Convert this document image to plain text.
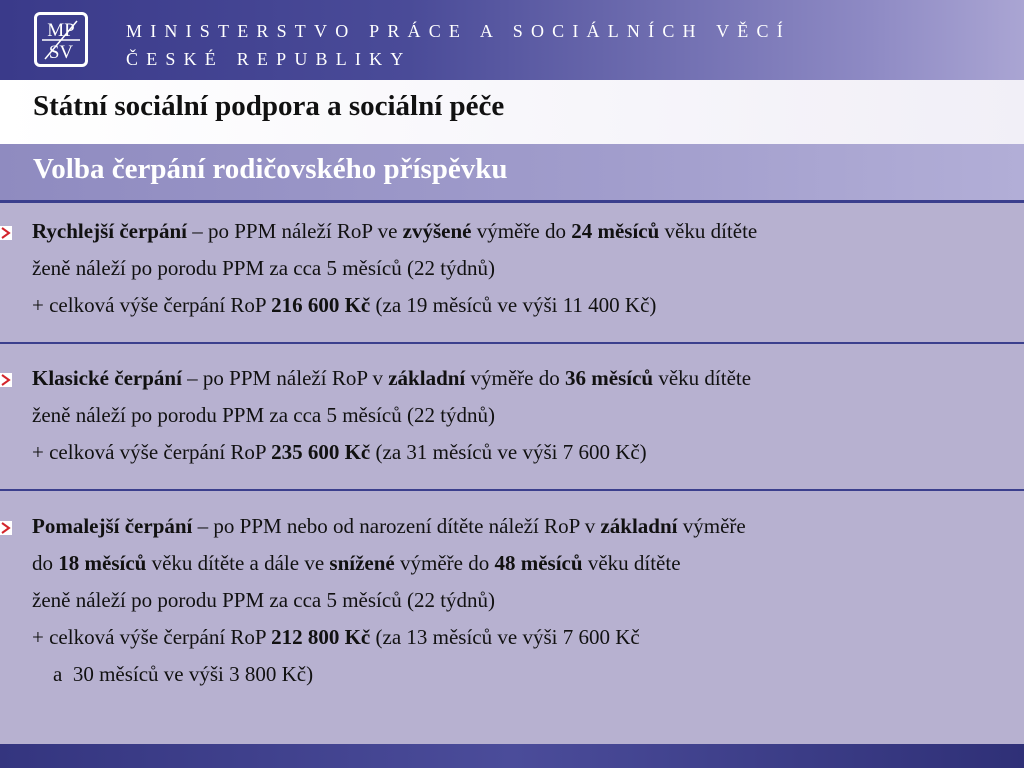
MP
SV
MINISTERSTVO PRÁCE A SOCIÁLNÍCH VĚCÍ
ČESKÉ REPUBLIKY
Státní sociální podpora a sociální péče
Volba čerpání rodičovského příspěvku
Rychlejší čerpání – po PPM náleží RoP ve zvýšené výměře do 24 měsíců věku dítěte
ženě náleží po porodu PPM za cca 5 měsíců (22 týdnů)
+ celková výše čerpání RoP 216 600 Kč (za 19 měsíců ve výši 11 400 Kč)
Klasické čerpání – po PPM náleží RoP v základní výměře do 36 měsíců věku dítěte
ženě náleží po porodu PPM za cca 5 měsíců (22 týdnů)
+ celková výše čerpání RoP 235 600 Kč (za 31 měsíců ve výši 7 600 Kč)
Pomalejší čerpání – po PPM nebo od narození dítěte náleží RoP v základní výměře
do 18 měsíců věku dítěte a dále ve snížené výměře do 48 měsíců věku dítěte
ženě náleží po porodu PPM za cca 5 měsíců (22 týdnů)
+ celková výše čerpání RoP 212 800 Kč (za 13 měsíců ve výši 7 600 Kč
a  30 měsíců ve výši 3 800 Kč)
